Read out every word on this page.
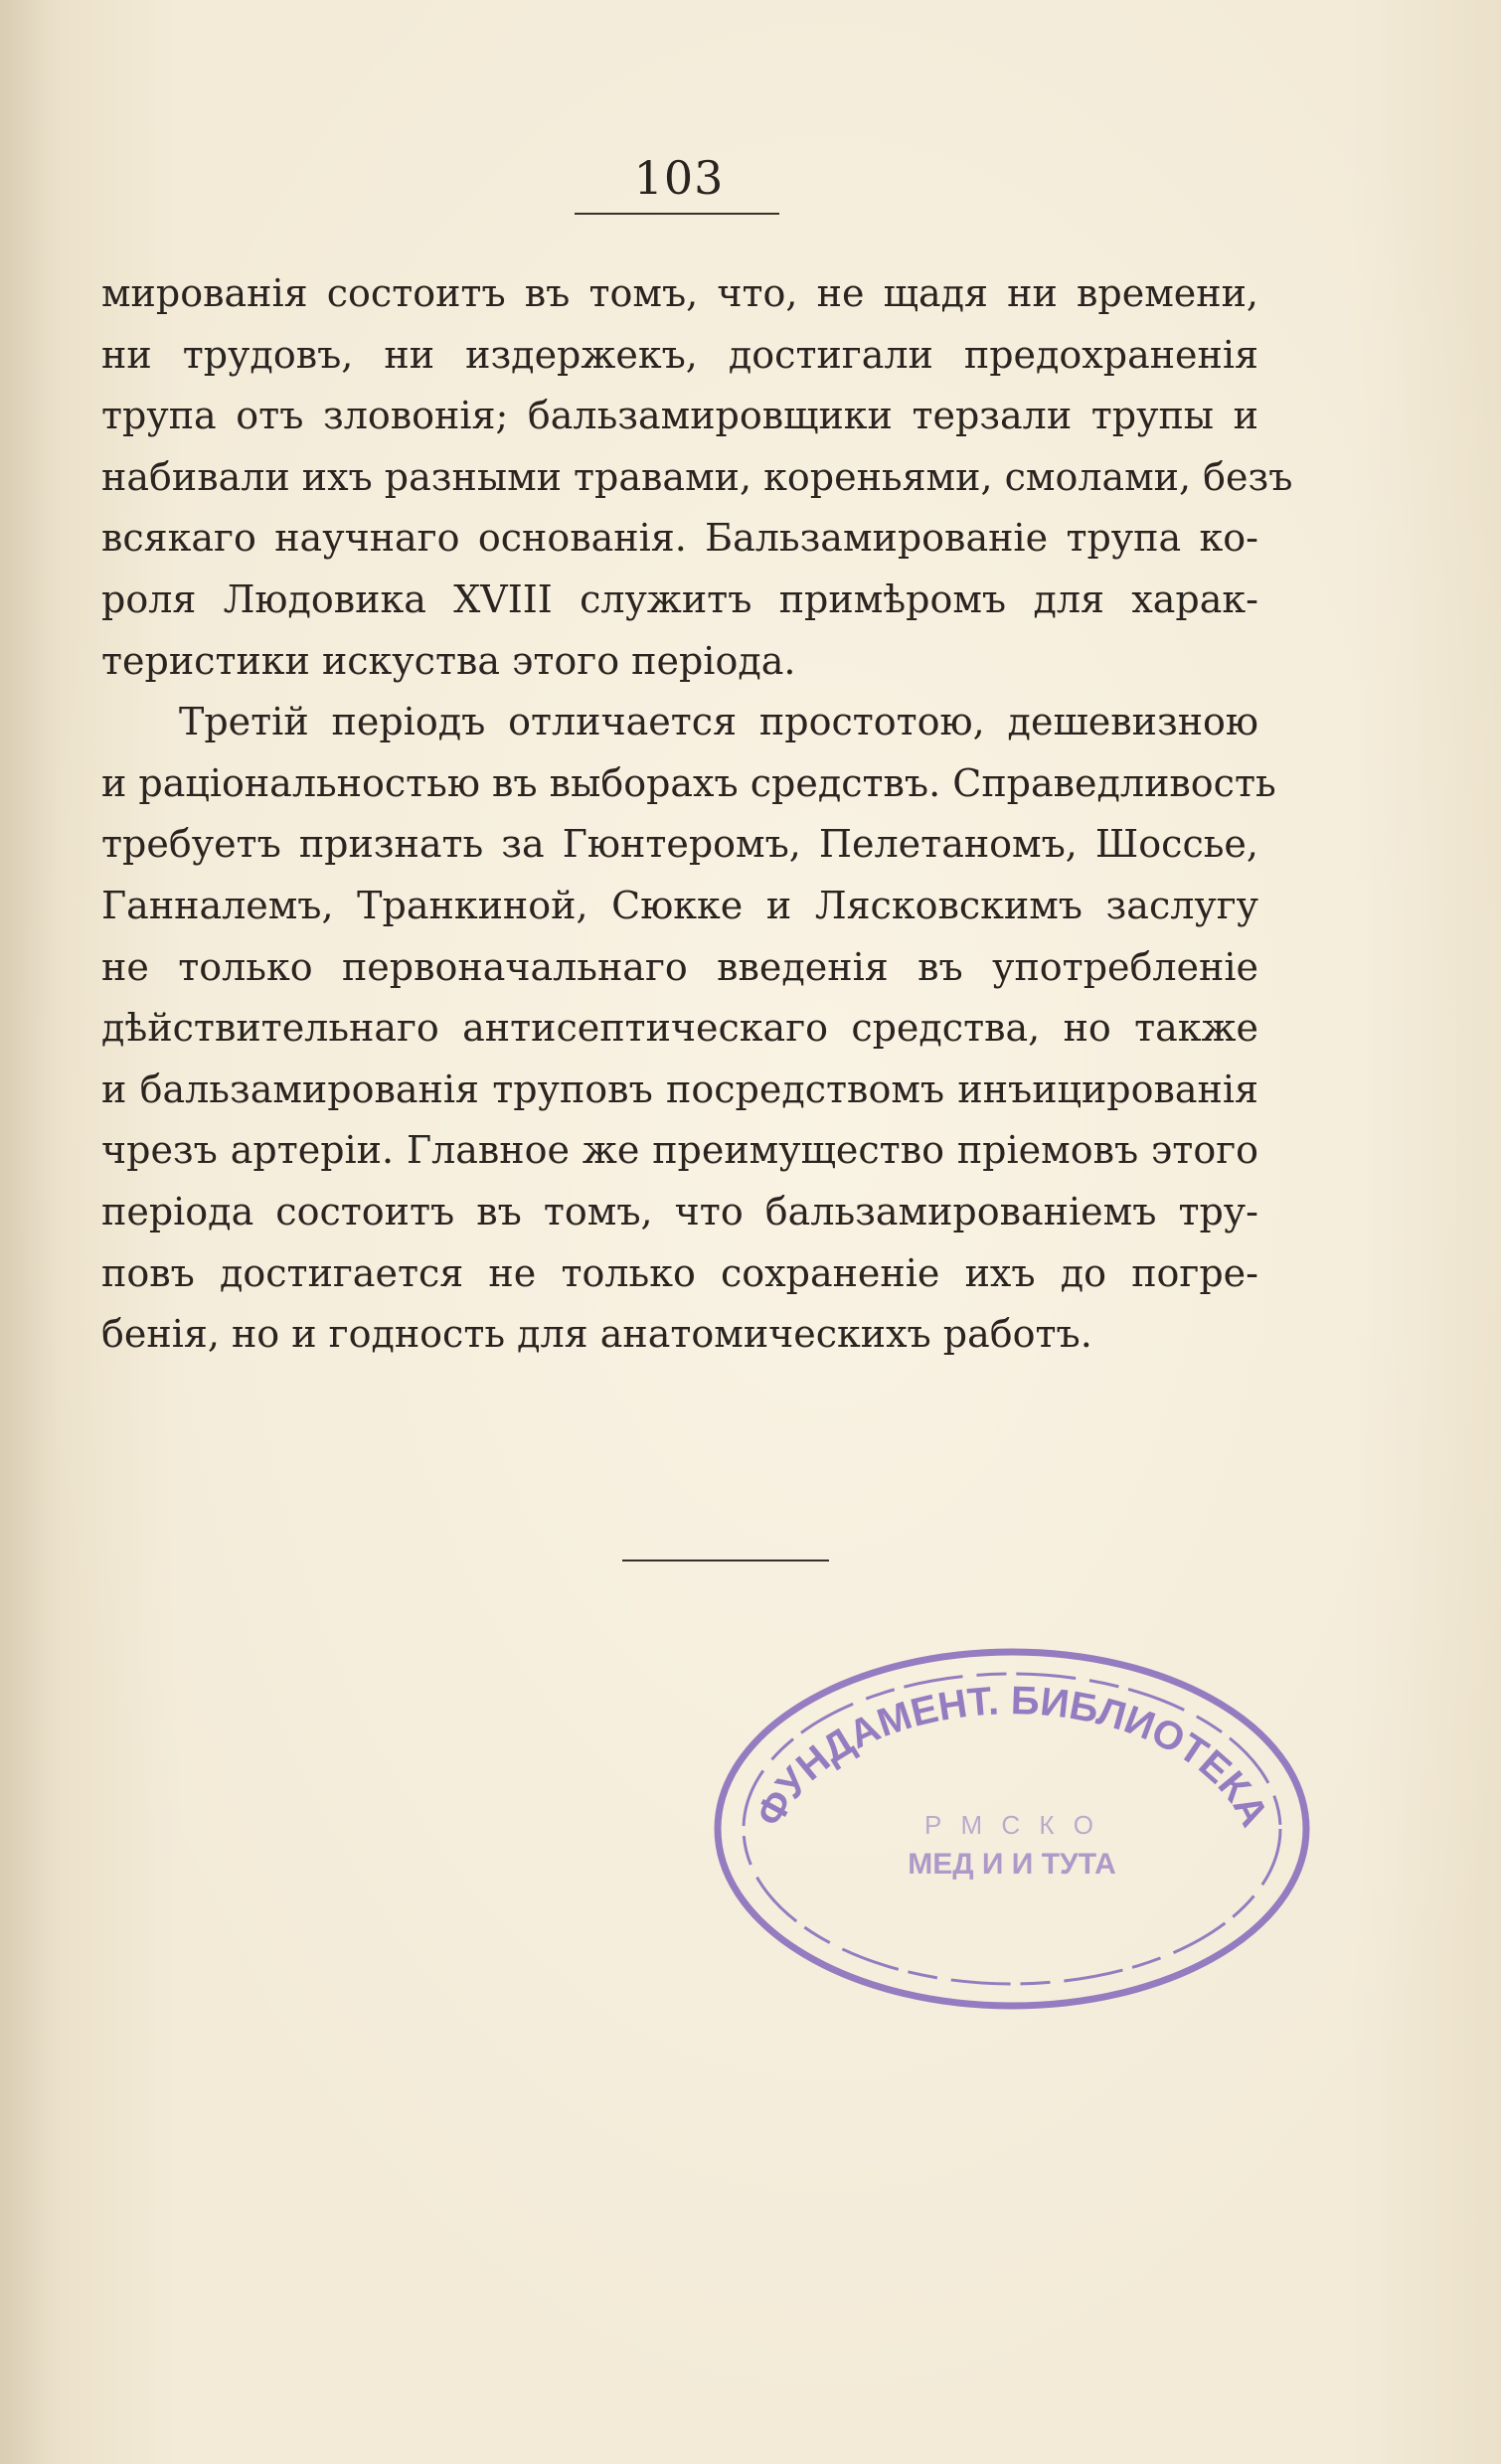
103
мированія состоитъ въ томъ, что, не щадя ни времени,
ни трудовъ, ни издержекъ, достигали предохраненія
трупа отъ зловонія; бальзамировщики терзали трупы и
набивали ихъ разными травами, кореньями, смолами, безъ
всякаго научнаго основанія. Бальзамированіе трупа ко-
роля Людовика XVIII служитъ примѣромъ для харак-
теристики искуства этого періода.
Третій періодъ отличается простотою, дешевизною
и раціональностью въ выборахъ средствъ. Справедливость
требуетъ признать за Гюнтеромъ, Пелетаномъ, Шоссье,
Ганналемъ, Транкиной, Сюкке и Лясковскимъ заслугу
не только первоначальнаго введенія въ употребленіе
дѣйствительнаго антисептическаго средства, но также
и бальзамированія труповъ посредствомъ инъицированія
чрезъ артеріи. Главное же преимущество пріемовъ этого
періода состоитъ въ томъ, что бальзамированіемъ тру-
повъ достигается не только сохраненіе ихъ до погре-
бенія, но и годность для анатомическихъ работъ.
ФУНДАМЕНТ. БИБЛИОТЕКА
Р М С К О
МЕД И И ТУТА
